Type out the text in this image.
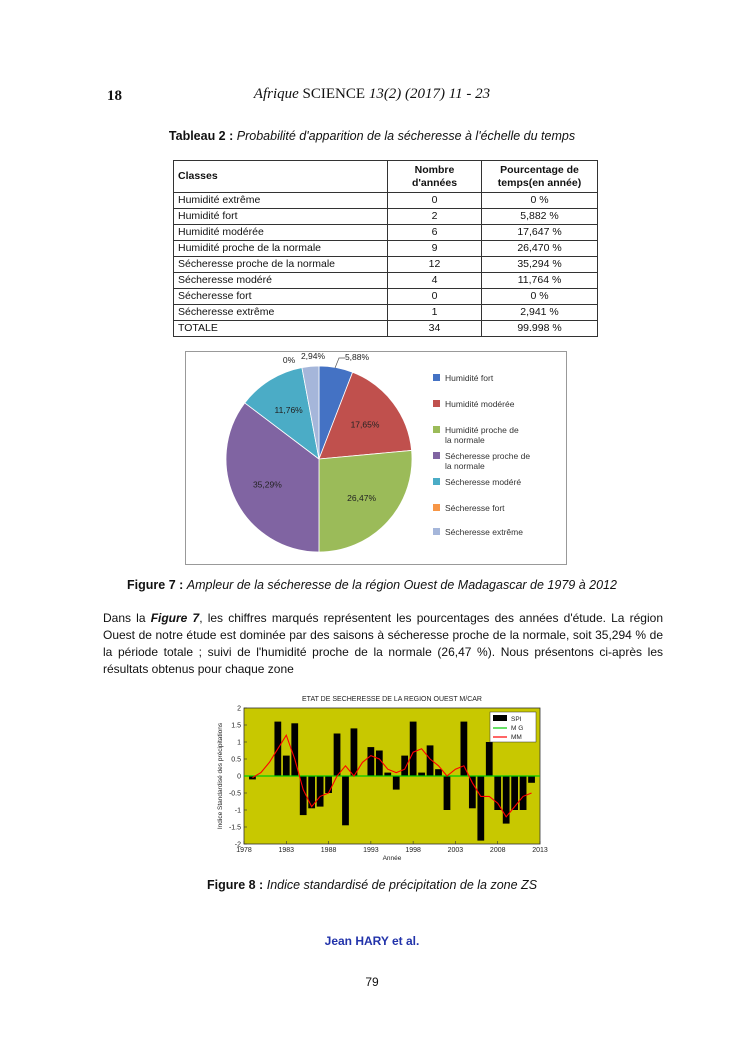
18	Afrique SCIENCE 13(2) (2017) 11 - 23
Tableau 2 : Probabilité d'apparition de la sécheresse à l'échelle du temps
Classes	Nombre d'années	Pourcentage de temps(en année)
Humidité extrême	0	0 %
Humidité fort	2	5,882 %
Humidité modérée	6	17,647 %
Humidité proche de la normale	9	26,470 %
Sécheresse proche de la normale	12	35,294 %
Sécheresse modéré	4	11,764 %
Sécheresse fort	0	0 %
Sécheresse extrême	1	2,941 %
TOTALE	34	99.998 %
5,88%
17,65%
26,47%
35,29%
11,76%
0% 2,94%
Humidité fort
Humidité modérée
Humidité proche de la normale
Sécheresse proche de la normale
Sécheresse modéré
Sécheresse fort
Sécheresse extrême
Figure 7 : Ampleur de la sécheresse de la région Ouest de Madagascar de 1979 à 2012
Dans la Figure 7, les chiffres marqués représentent les pourcentages des années d'étude. La région Ouest de notre étude est dominée par des saisons à sécheresse proche de la normale, soit 35,294 % de la période totale ; suivi de l'humidité proche de la normale (26,47 %). Nous présentons ci-après les résultats obtenus pour chaque zone
ETAT DE SECHERESSE DE LA REGION OUEST M/CAR
2
1.5
1
0.5
0
-0.5
-1
-1.5
-2
1978	1983	1988	1993	1998	2003	2008	2013
Année
Indice Standardisé des précipitations
SPI
M G
MM
Figure 8 : Indice standardisé de précipitation de la zone ZS
Jean HARY et al.
79
